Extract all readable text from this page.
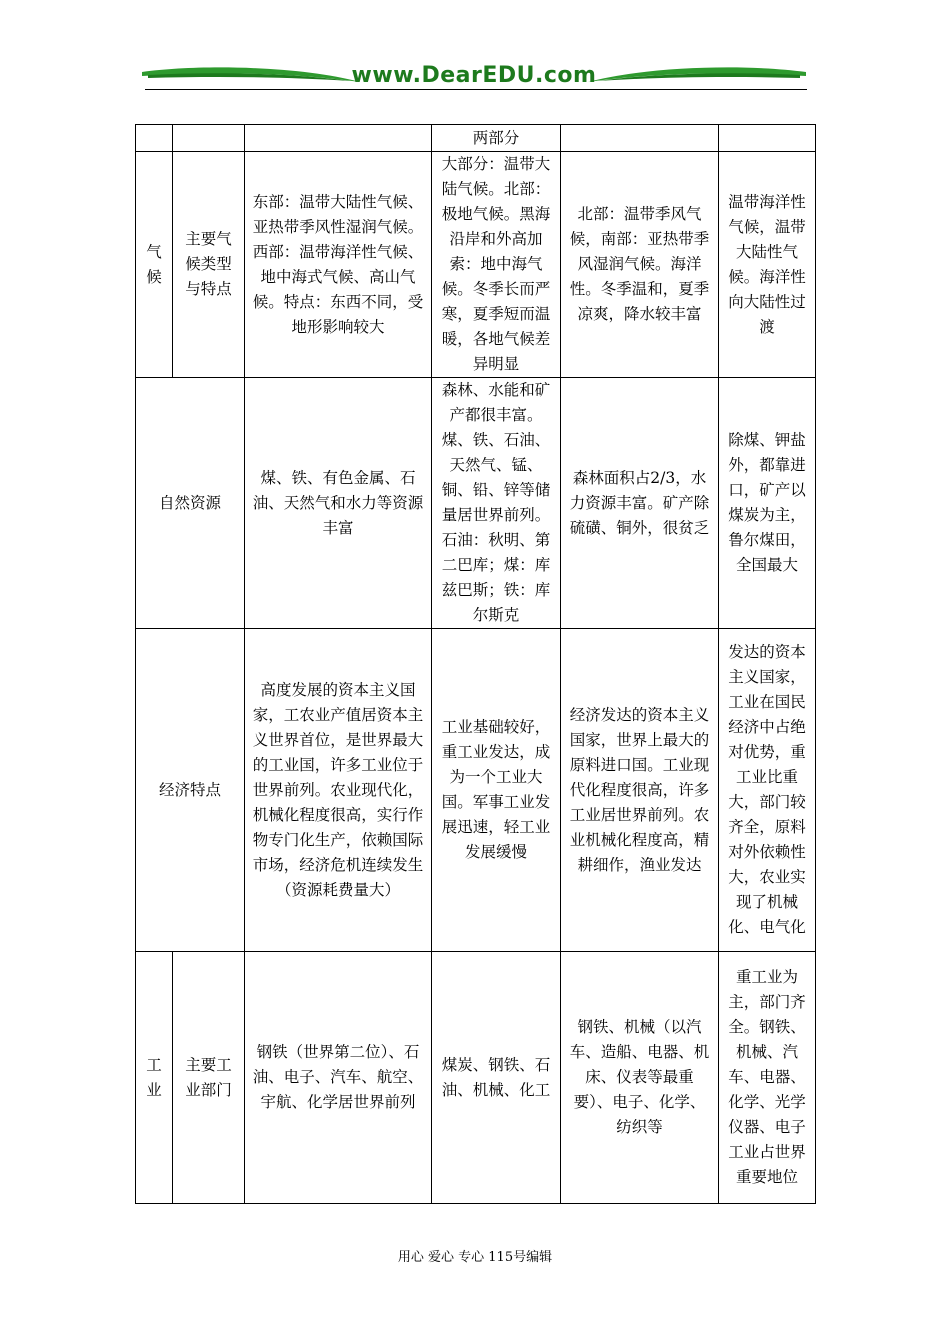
www.DearEDU.com
			两部分		
气候	主要气候类型与特点	东部：温带大陆性气候、亚热带季风性湿润气候。西部：温带海洋性气候、地中海式气候、高山气候。特点：东西不同，受地形影响较大	大部分：温带大陆气候。北部：极地气候。黑海沿岸和外高加索：地中海气候。冬季长而严寒，夏季短而温暖，各地气候差异明显	北部：温带季风气候，南部：亚热带季风湿润气候。海洋性。冬季温和，夏季凉爽，降水较丰富	温带海洋性气候，温带大陆性气候。海洋性向大陆性过渡
自然资源		煤、铁、有色金属、石油、天然气和水力等资源丰富	森林、水能和矿产都很丰富。煤、铁、石油、天然气、锰、铜、铅、锌等储量居世界前列。石油：秋明、第二巴库；煤：库兹巴斯；铁：库尔斯克	森林面积占2/3，水力资源丰富。矿产除硫磺、铜外，很贫乏	除煤、钾盐外，都靠进口，矿产以煤炭为主，鲁尔煤田，全国最大
经济特点		高度发展的资本主义国家，工农业产值居资本主义世界首位，是世界最大的工业国，许多工业位于世界前列。农业现代化，机械化程度很高，实行作物专门化生产，依赖国际市场，经济危机连续发生（资源耗费量大）	工业基础较好，重工业发达，成为一个工业大国。军事工业发展迅速，轻工业发展缓慢	经济发达的资本主义国家，世界上最大的原料进口国。工业现代化程度很高，许多工业居世界前列。农业机械化程度高，精耕细作，渔业发达	发达的资本主义国家，工业在国民经济中占绝对优势，重工业比重大，部门较齐全，原料对外依赖性大，农业实现了机械化、电气化
工业	主要工业部门	钢铁（世界第二位）、石油、电子、汽车、航空、宇航、化学居世界前列	煤炭、钢铁、石油、机械、化工	钢铁、机械（以汽车、造船、电器、机床、仪表等最重要）、电子、化学、纺织等	重工业为主，部门齐全。钢铁、机械、汽车、电器、化学、光学仪器、电子工业占世界重要地位
用心 爱心 专心 115号编辑
